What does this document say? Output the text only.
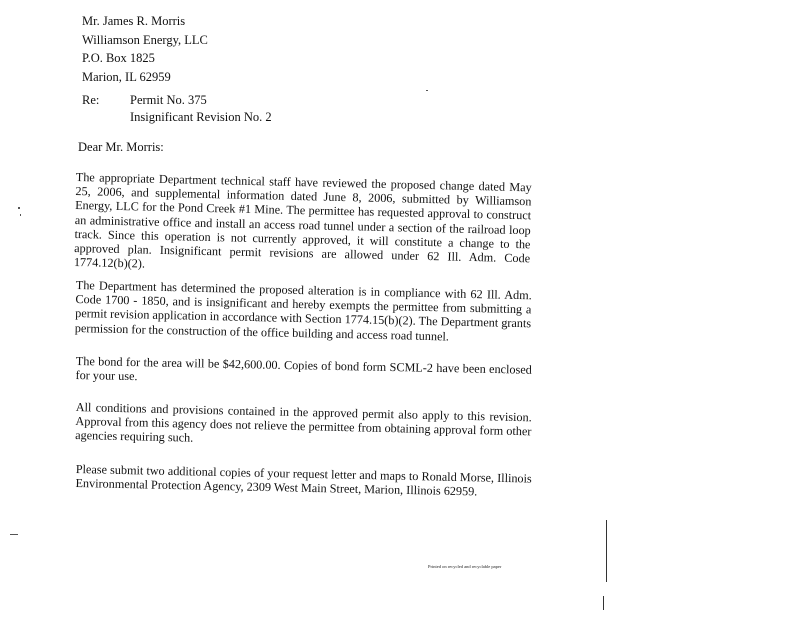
Mr. James R. Morris
Williamson Energy, LLC
P.O. Box 1825
Marion, IL 62959
Re: Permit No. 375
Insignificant Revision No. 2
Dear Mr. Morris:
The appropriate Department technical staff have reviewed the proposed change dated May 25, 2006, and supplemental information dated June 8, 2006, submitted by Williamson Energy, LLC for the Pond Creek #1 Mine. The permittee has requested approval to construct an administrative office and install an access road tunnel under a section of the railroad loop track. Since this operation is not currently approved, it will constitute a change to the approved plan. Insignificant permit revisions are allowed under 62 Ill. Adm. Code 1774.12(b)(2).
The Department has determined the proposed alteration is in compliance with 62 Ill. Adm. Code 1700 - 1850, and is insignificant and hereby exempts the permittee from submitting a permit revision application in accordance with Section 1774.15(b)(2). The Department grants permission for the construction of the office building and access road tunnel.
The bond for the area will be $42,600.00. Copies of bond form SCML-2 have been enclosed for your use.
All conditions and provisions contained in the approved permit also apply to this revision. Approval from this agency does not relieve the permittee from obtaining approval form other agencies requiring such.
Please submit two additional copies of your request letter and maps to Ronald Morse, Illinois Environmental Protection Agency, 2309 West Main Street, Marion, Illinois 62959.
Printed on recycled and recyclable paper
